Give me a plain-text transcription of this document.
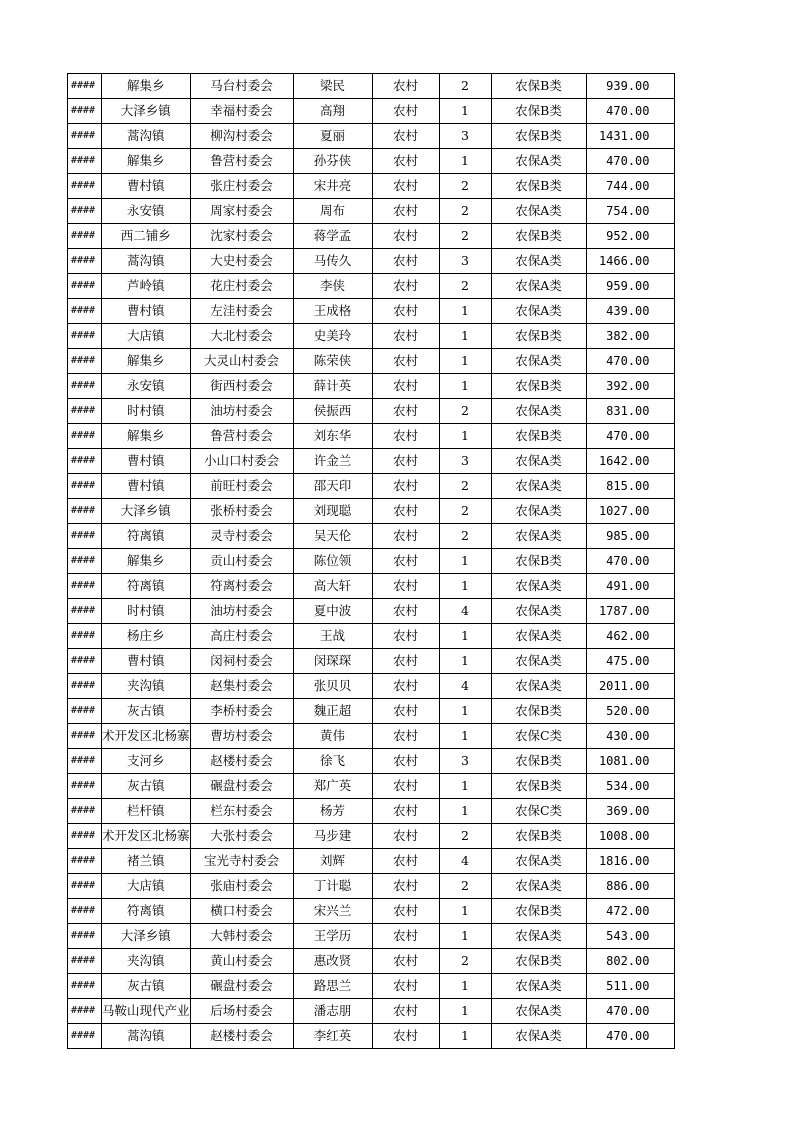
####	解集乡	马台村委会	梁民	农村	2	农保B类	939.00
####	大泽乡镇	幸福村委会	高翔	农村	1	农保B类	470.00
####	蒿沟镇	柳沟村委会	夏丽	农村	3	农保B类	1431.00
####	解集乡	鲁营村委会	孙芬侠	农村	1	农保A类	470.00
####	曹村镇	张庄村委会	宋井亮	农村	2	农保B类	744.00
####	永安镇	周家村委会	周布	农村	2	农保A类	754.00
####	西二铺乡	沈家村委会	蒋学孟	农村	2	农保B类	952.00
####	蒿沟镇	大史村委会	马传久	农村	3	农保A类	1466.00
####	芦岭镇	花庄村委会	李侠	农村	2	农保A类	959.00
####	曹村镇	左洼村委会	王成格	农村	1	农保A类	439.00
####	大店镇	大北村委会	史美玲	农村	1	农保B类	382.00
####	解集乡	大灵山村委会	陈荣侠	农村	1	农保A类	470.00
####	永安镇	街西村委会	薛计英	农村	1	农保B类	392.00
####	时村镇	油坊村委会	侯振西	农村	2	农保A类	831.00
####	解集乡	鲁营村委会	刘东华	农村	1	农保B类	470.00
####	曹村镇	小山口村委会	许金兰	农村	3	农保A类	1642.00
####	曹村镇	前旺村委会	邵天印	农村	2	农保A类	815.00
####	大泽乡镇	张桥村委会	刘现聪	农村	2	农保A类	1027.00
####	符离镇	灵寺村委会	吴天伦	农村	2	农保A类	985.00
####	解集乡	贡山村委会	陈位领	农村	1	农保B类	470.00
####	符离镇	符离村委会	高大轩	农村	1	农保A类	491.00
####	时村镇	油坊村委会	夏中波	农村	4	农保A类	1787.00
####	杨庄乡	高庄村委会	王战	农村	1	农保A类	462.00
####	曹村镇	闵祠村委会	闵琛琛	农村	1	农保A类	475.00
####	夹沟镇	赵集村委会	张贝贝	农村	4	农保A类	2011.00
####	灰古镇	李桥村委会	魏正超	农村	1	农保B类	520.00
####	术开发区北杨寨	曹坊村委会	黄伟	农村	1	农保C类	430.00
####	支河乡	赵楼村委会	徐飞	农村	3	农保B类	1081.00
####	灰古镇	碾盘村委会	郑广英	农村	1	农保B类	534.00
####	栏杆镇	栏东村委会	杨芳	农村	1	农保C类	369.00
####	术开发区北杨寨	大张村委会	马步建	农村	2	农保B类	1008.00
####	褚兰镇	宝光寺村委会	刘辉	农村	4	农保A类	1816.00
####	大店镇	张庙村委会	丁计聪	农村	2	农保A类	886.00
####	符离镇	横口村委会	宋兴兰	农村	1	农保B类	472.00
####	大泽乡镇	大韩村委会	王学历	农村	1	农保A类	543.00
####	夹沟镇	黄山村委会	惠改贤	农村	2	农保B类	802.00
####	灰古镇	碾盘村委会	路思兰	农村	1	农保A类	511.00
####	马鞍山现代产业	后场村委会	潘志朋	农村	1	农保A类	470.00
####	蒿沟镇	赵楼村委会	李红英	农村	1	农保A类	470.00
